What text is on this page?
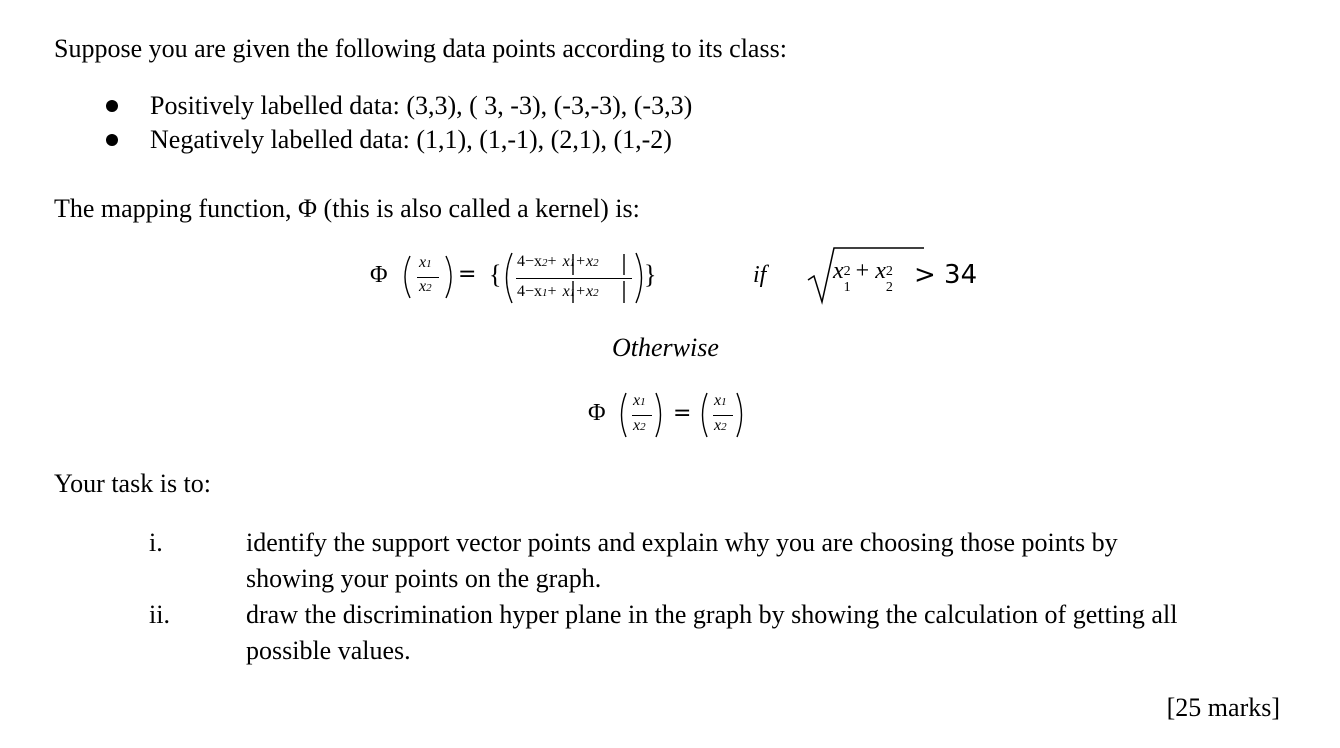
Suppose you are given the following data points according to its class:
Positively labelled data: (3,3), ( 3, -3), (-3,-3), (-3,3)
Negatively labelled data: (1,1), (1,-1), (2,1), (1,-2)
The mapping function, Φ (this is also called a kernel) is:
Φ x1
x2
= { 4−x2+ x1+x2
4−x1+ x1+x2
}	if	x 2
1
+ x 2
2 > 34
Otherwise
Φ x1
x2
=
x1
x2
Your task is to:
i.	identify the support vector points and explain why you are choosing those points by
showing your points on the graph.
ii.	draw the discrimination hyper plane in the graph by showing the calculation of getting all
possible values.
[25 marks]
